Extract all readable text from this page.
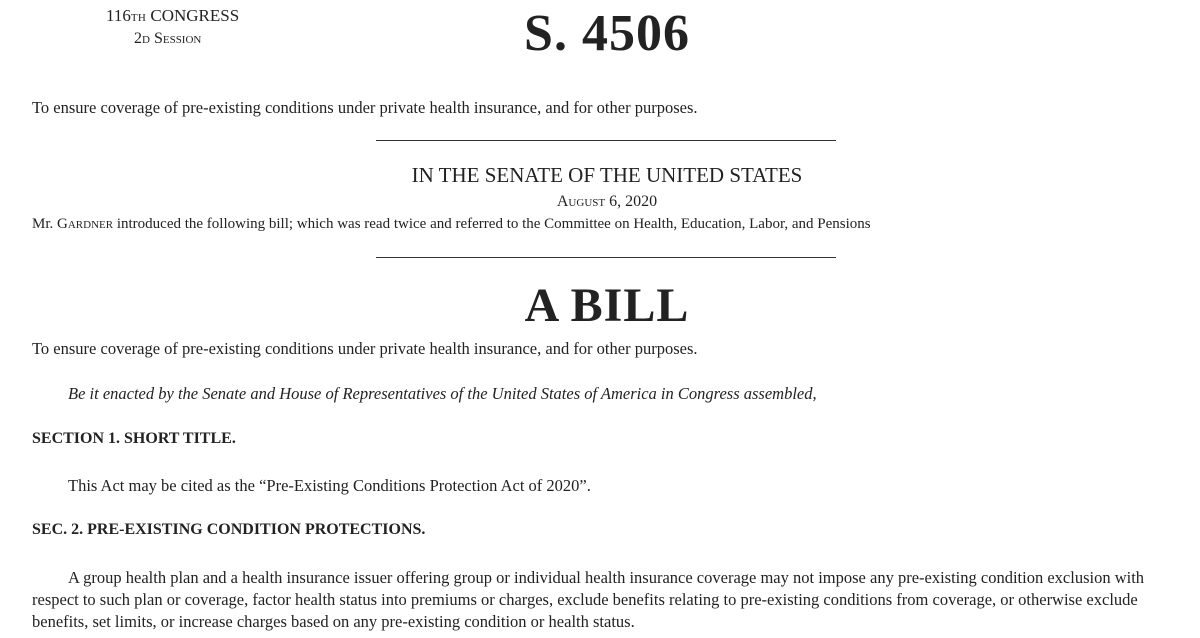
116TH CONGRESS
2D Session	S. 4506
To ensure coverage of pre-existing conditions under private health insurance, and for other purposes.
IN THE SENATE OF THE UNITED STATES
August 6, 2020
Mr. Gardner introduced the following bill; which was read twice and referred to the Committee on Health, Education, Labor, and Pensions
A BILL
To ensure coverage of pre-existing conditions under private health insurance, and for other purposes.
Be it enacted by the Senate and House of Representatives of the United States of America in Congress assembled,
SECTION 1. SHORT TITLE.
This Act may be cited as the “Pre-Existing Conditions Protection Act of 2020”.
SEC. 2. PRE-EXISTING CONDITION PROTECTIONS.
A group health plan and a health insurance issuer offering group or individual health insurance coverage may not impose any pre-existing condition exclusion with respect to such plan or coverage, factor health status into premiums or charges, exclude benefits relating to pre-existing conditions from coverage, or otherwise exclude benefits, set limits, or increase charges based on any pre-existing condition or health status.
